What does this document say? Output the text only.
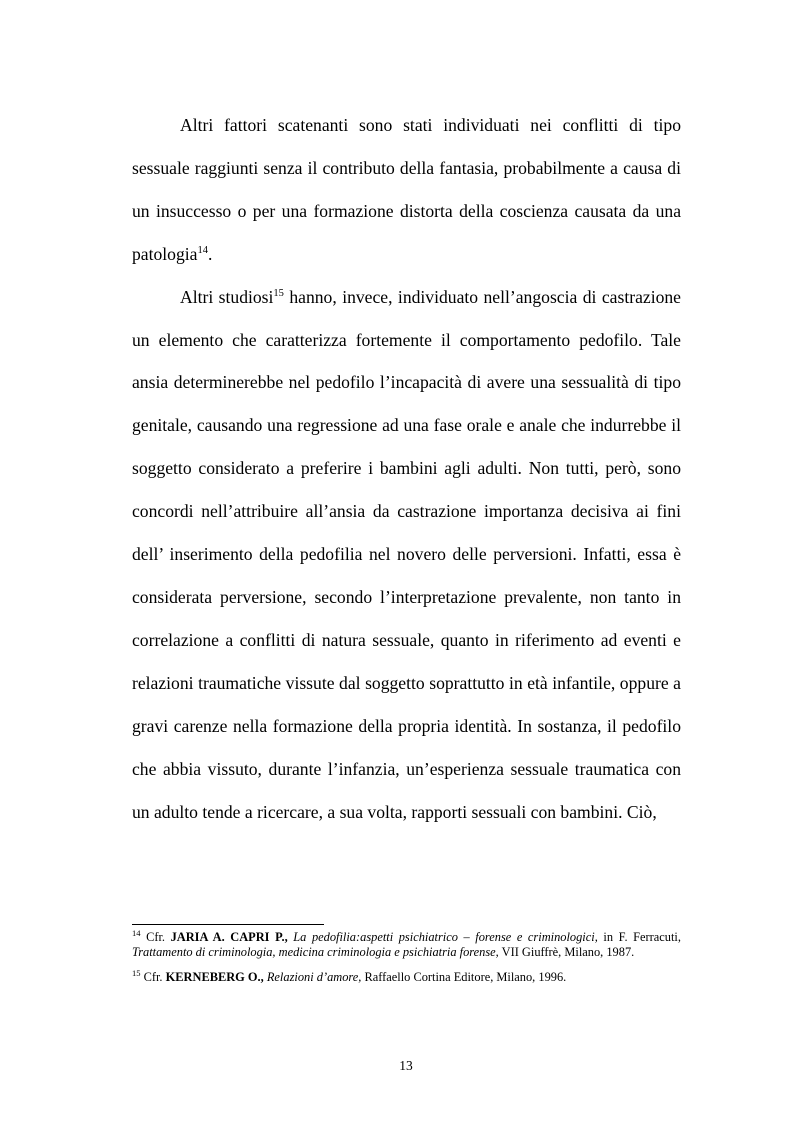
Altri fattori scatenanti sono stati individuati nei conflitti di tipo sessuale raggiunti senza il contributo della fantasia, probabilmente a causa di un insuccesso o per una formazione distorta della coscienza causata da una patologia$^{14}$.

Altri studiosi$^{15}$ hanno, invece, individuato nell’angoscia di castrazione un elemento che caratterizza fortemente il comportamento pedofilo. Tale ansia determinerebbe nel pedofilo l’incapacità di avere una sessualità di tipo genitale, causando una regressione ad una fase orale e anale che indurrebbe il soggetto considerato a preferire i bambini agli adulti. Non tutti, però, sono concordi nell’attribuire all’ansia da castrazione importanza decisiva ai fini dell’ inserimento della pedofilia nel novero delle perversioni. Infatti, essa è considerata perversione, secondo l’interpretazione prevalente, non tanto in correlazione a conflitti di natura sessuale, quanto in riferimento ad eventi e relazioni traumatiche vissute dal soggetto soprattutto in età infantile, oppure a gravi carenze nella formazione della propria identità. In sostanza, il pedofilo che abbia vissuto, durante l’infanzia, un’esperienza sessuale traumatica con un adulto tende a ricercare, a sua volta, rapporti sessuali con bambini. Ciò,

$^{14}$ Cfr. JARIA A. CAPRI P., La pedofilia:aspetti psichiatrico – forense e criminologici, in F. Ferracuti, Trattamento di criminologia, medicina criminologia e psichiatria forense, VII Giuffrè, Milano, 1987.

$^{15}$ Cfr. KERNEBERG O., Relazioni d’amore, Raffaello Cortina Editore, Milano, 1996.

13
